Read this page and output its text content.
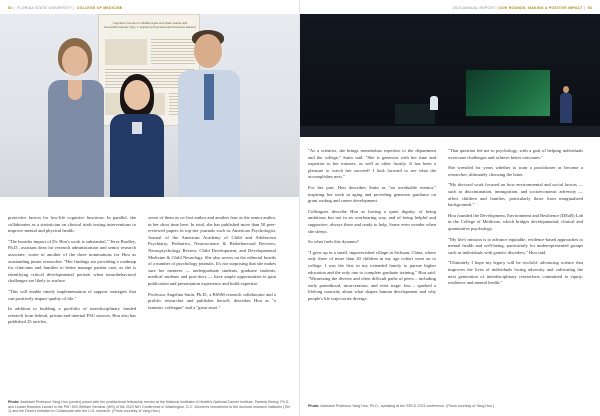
52 |  FLORIDA STATE UNIVERSITY |  COLLEGE OF MEDICINE
Cognitive Function in Middle Aged and Older Adults with Neurofibromatosis Type 1: Exploring Psychosocial Protective Factors

protective factors for low-life cognitive functions. In parallel, she collaborates as a statistician on clinical trials testing interventions to improve mental and physical health.

"The broader impact of Dr. Hou's work is substantial," Terra Bradley, Ph.D., assistant dean for research administration and senior research associate, wrote in another of the three nominations for Hou as outstanding junior researcher. "Her findings are providing a roadmap for clinicians and families to better manage patient care, as she is identifying critical developmental periods when neurobehavioral challenges are likely to surface.

"This will enable timely implementation of support strategies that can positively impact quality of life."

In addition to building a portfolio of interdisciplinary funded research from federal, private and internal FSU sources, Hou also has published 25 articles,

seven of them as co-first author and another four as the senior author, in her short time here. In total, she has published more than 50 peer-reviewed papers in top-tier journals such as American Psychologist, Journal of the American Academy of Child and Adolescent Psychiatry, Pediatrics, Neuroscience & Biobehavioral Reviews, Neuropsychology Review, Child Development, and Developmental Medicine & Child Neurology. She also serves on the editorial boards of a number of psychology journals. It's not surprising that she makes sure her mentees — undergraduate students, graduate students, medical students and post-docs — have ample opportunities to gain publication and presentation experience and build expertise.

Professor Angelina Sutin, Ph.D., a BSSM research collaborator and a prolific researcher and publisher herself, describes Hou as "a fantastic colleague" and a "great asset."

Photo: Assistant Professor Yang Hou (center) poses with her postdoctoral fellowship mentor at the National Institutes of Health's National Cancer Institute, Pamela Hickey, Ph.D. and Leader Brandon Lander in the Pitt / NIS Welfare Seminar (WS) of the 2023 NIH Conference in Washington, D.C. Women's recruitment to the doctoral research institutes (Tier 1) and the Dean's Initiative to Collaborate with the U.S. research. (Photo courtesy of Yang Hou.)
2023 ANNUAL REPORT | DOE ROUNDS: MAKING A POSITIVE IMPACT |  53

"As a scientist, she brings tremendous expertise to the department and the college," Sutin said. "She is generous with her time and expertise to her trainees, as well as other faculty. It has been a pleasure to watch her succeed! I look forward to see what the accomplishes next."

For her part, Hou describes Sutin as "an invaluable mentor," inspiring her work in aging and providing generous guidance on grant writing and career development.

Colleagues describe Hou as having a quiet dignity, of being ambitious but not in an overbearing way, and of being helpful and supportive, always there and ready to help. Some even wonder when she sleeps.

So what fuels this dynamo?

"I grew up in a small, impoverished village in Sichuan, China, where only three of more than 20 children in my age cohort went on to college. I was the first in my extended family to pursue higher education and the only one to complete graduate training," Hou said. "Witnessing the diverse and often difficult paths of peers – including early parenthood, incarceration, and even tragic loss – sparked a lifelong curiosity about what shapes human development and why people's life trajectories diverge.

"That question led me to psychology, with a goal of helping individuals overcome challenges and achieve better outcomes."

She wrestled for years whether to train a practitioner or become a researcher, ultimately choosing the latter.

"My doctoral work focused on how environmental and social factors — such as discrimination, immigration, and socioeconomic adversity — affect children and families, particularly those from marginalized backgrounds."

Hou founded the Development, Environment and Resilience (DEaR) Lab in the College of Medicine, which bridges developmental, clinical and quantitative psychology.

"My life's mission is to advance equitable, evidence-based approaches to mental health and well-being, particularly for underrepresented groups such as individuals with genetic disorders," Hou said.

"Ultimately I hope my legacy will be twofold: advancing science that improves the lives of individuals facing adversity and cultivating the next generation of interdisciplinary researchers committed to equity, resilience and mental health."

Photo: Assistant Professor Yang Hou, Ph.D., speaking at the SRCD 2023 conference. (Photo courtesy of Yang Hou.)
